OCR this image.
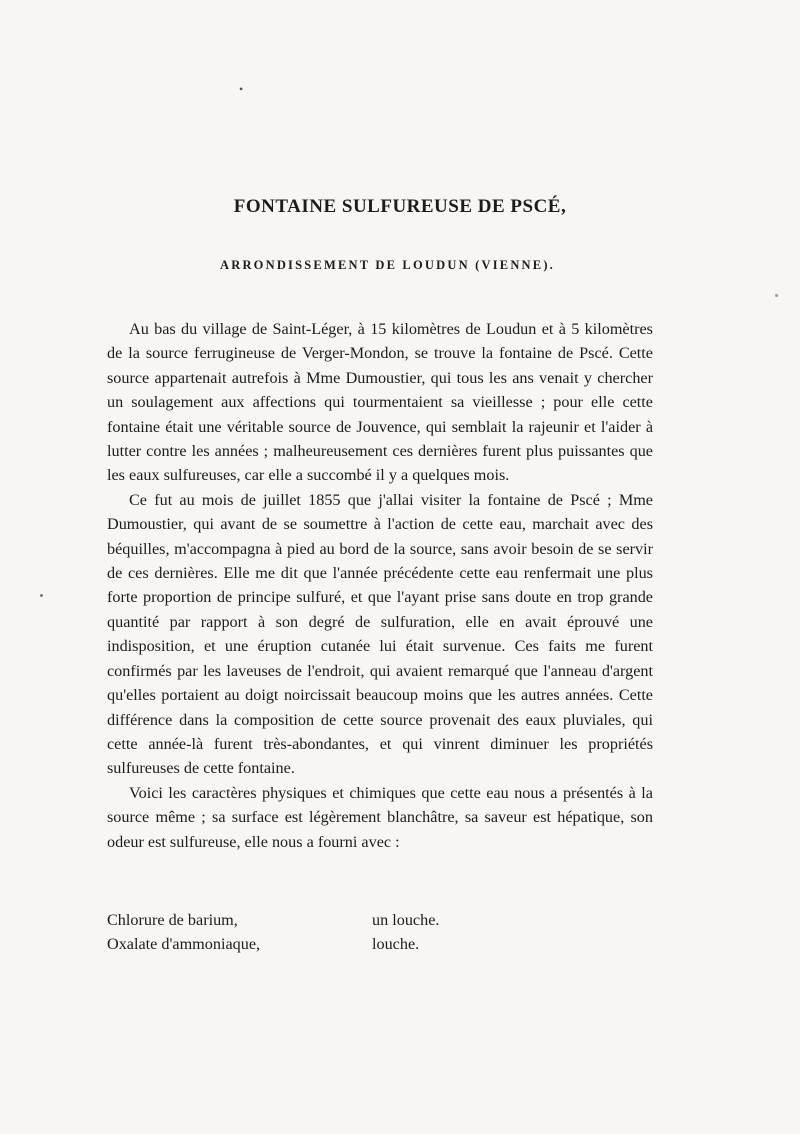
•
FONTAINE SULFUREUSE DE PSCÉ,
ARRONDISSEMENT DE LOUDUN (VIENNE).

Au bas du village de Saint-Léger, à 15 kilomètres de Loudun et à 5 kilomètres de la source ferrugineuse de Verger-Mondon, se trouve la fontaine de Pscé. Cette source appartenait autrefois à Mme Dumoustier, qui tous les ans venait y chercher un soulagement aux affections qui tourmentaient sa vieillesse ; pour elle cette fontaine était une véritable source de Jouvence, qui semblait la rajeunir et l'aider à lutter contre les années ; malheureusement ces dernières furent plus puissantes que les eaux sulfureuses, car elle a succombé il y a quelques mois.

Ce fut au mois de juillet 1855 que j'allai visiter la fontaine de Pscé ; Mme Dumoustier, qui avant de se soumettre à l'action de cette eau, marchait avec des béquilles, m'accompagna à pied au bord de la source, sans avoir besoin de se servir de ces dernières. Elle me dit que l'année précédente cette eau renfermait une plus forte proportion de principe sulfuré, et que l'ayant prise sans doute en trop grande quantité par rapport à son degré de sulfuration, elle en avait éprouvé une indisposition, et une éruption cutanée lui était survenue. Ces faits me furent confirmés par les laveuses de l'endroit, qui avaient remarqué que l'anneau d'argent qu'elles portaient au doigt noircissait beaucoup moins que les autres années. Cette différence dans la composition de cette source provenait des eaux pluviales, qui cette année-là furent très-abondantes, et qui vinrent diminuer les propriétés sulfureuses de cette fontaine.

Voici les caractères physiques et chimiques que cette eau nous a présentés à la source même ; sa surface est légèrement blanchâtre, sa saveur est hépatique, son odeur est sulfureuse, elle nous a fourni avec :

Chlorure de barium,	un louche.
Oxalate d'ammoniaque,	louche.
